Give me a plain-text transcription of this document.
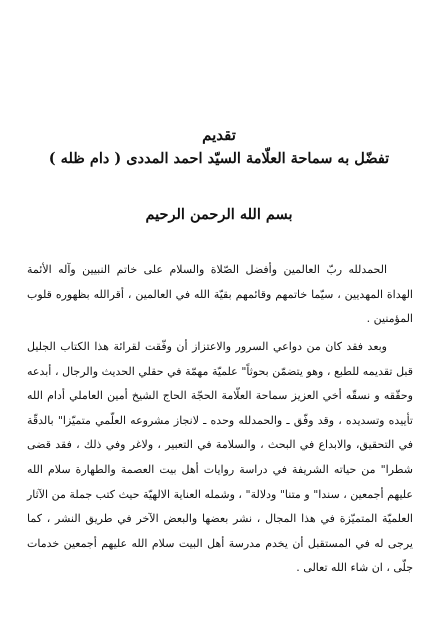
تقديم
تفضّل به سماحة العلّامة السيّد احمد المددى ( دام ظله )
بسم الله الرحمن الرحيم
الحمدلله ربّ العالمين وأفضل الصّلاة والسلام على خاتم النبيين وآله الأئمة الهداة المهديين ، سيّما خاتمهم وقائمهم بقيّة الله في العالمين ، أقرالله بظهوره قلوب المؤمنين .
وبعد فقد كان من دواعي السرور والاعتزاز أن وفّقت لقرائة هذا الكتاب الجليل قبل تقديمه للطبع ، وهو يتضمّن بحوثاً" علميّة مهمّة في حقلي الحديث والرجال ، أبدعه وحقّقه و نسقّه أخي العزيز سماحة العلّامة الحجّة الحاج الشيخ أمين العاملي أدام الله تأييده وتسديده ، وقد وفّق ـ والحمدلله وحده ـ لانجاز مشروعه العلّمي متميّزا" بالدقّة في التحقيق، والابداع في البحث ، والسلامة في التعبير ، ولاغر وفي ذلك ، فقد قضى شطرا" من حياته الشريفة في دراسة روايات أهل بيت العصمة والطهارة سلام الله عليهم أجمعين ، سندا" و متنا" ودلالة" ، وشمله العناية الالهيّة حيث كتب جملة من الآثار العلميّة المتميّزة في هذا المجال ، نشر بعضها والبعض الآخر في طريق النشر ، كما يرجى له في المستقبل أن يخدم مدرسة أهل البيت سلام الله عليهم أجمعين خدمات جلّى ، ان شاء الله تعالى .
